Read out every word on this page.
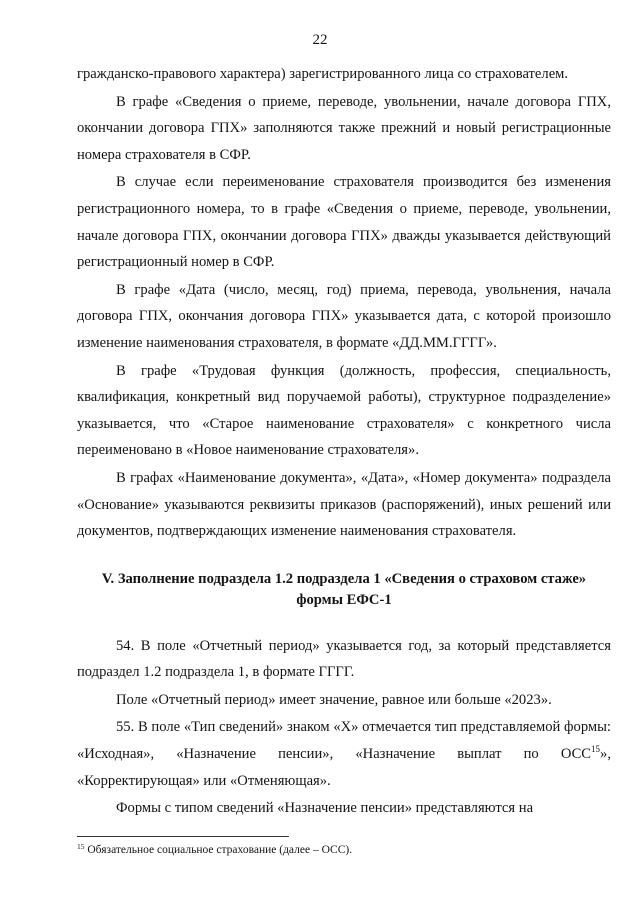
22

гражданско-правового характера) зарегистрированного лица со страхователем.

В графе «Сведения о приеме, переводе, увольнении, начале договора ГПХ, окончании договора ГПХ» заполняются также прежний и новый регистрационные номера страхователя в СФР.

В случае если переименование страхователя производится без изменения регистрационного номера, то в графе «Сведения о приеме, переводе, увольнении, начале договора ГПХ, окончании договора ГПХ» дважды указывается действующий регистрационный номер в СФР.

В графе «Дата (число, месяц, год) приема, перевода, увольнения, начала договора ГПХ, окончания договора ГПХ» указывается дата, с которой произошло изменение наименования страхователя, в формате «ДД.ММ.ГГГГ».

В графе «Трудовая функция (должность, профессия, специальность, квалификация, конкретный вид поручаемой работы), структурное подразделение» указывается, что «Старое наименование страхователя» с конкретного числа переименовано в «Новое наименование страхователя».

В графах «Наименование документа», «Дата», «Номер документа» подраздела «Основание» указываются реквизиты приказов (распоряжений), иных решений или документов, подтверждающих изменение наименования страхователя.

V. Заполнение подраздела 1.2 подраздела 1 «Сведения о страховом стаже»
формы ЕФС-1

54. В поле «Отчетный период» указывается год, за который представляется подраздел 1.2 подраздела 1, в формате ГГГГ.

Поле «Отчетный период» имеет значение, равное или больше «2023».

55. В поле «Тип сведений» знаком «Х» отмечается тип представляемой формы: «Исходная», «Назначение пенсии», «Назначение выплат по ОСС$^{15}$», «Корректирующая» или «Отменяющая».

Формы с типом сведений «Назначение пенсии» представляются на

$^{15}$ Обязательное социальное страхование (далее – ОСС).
